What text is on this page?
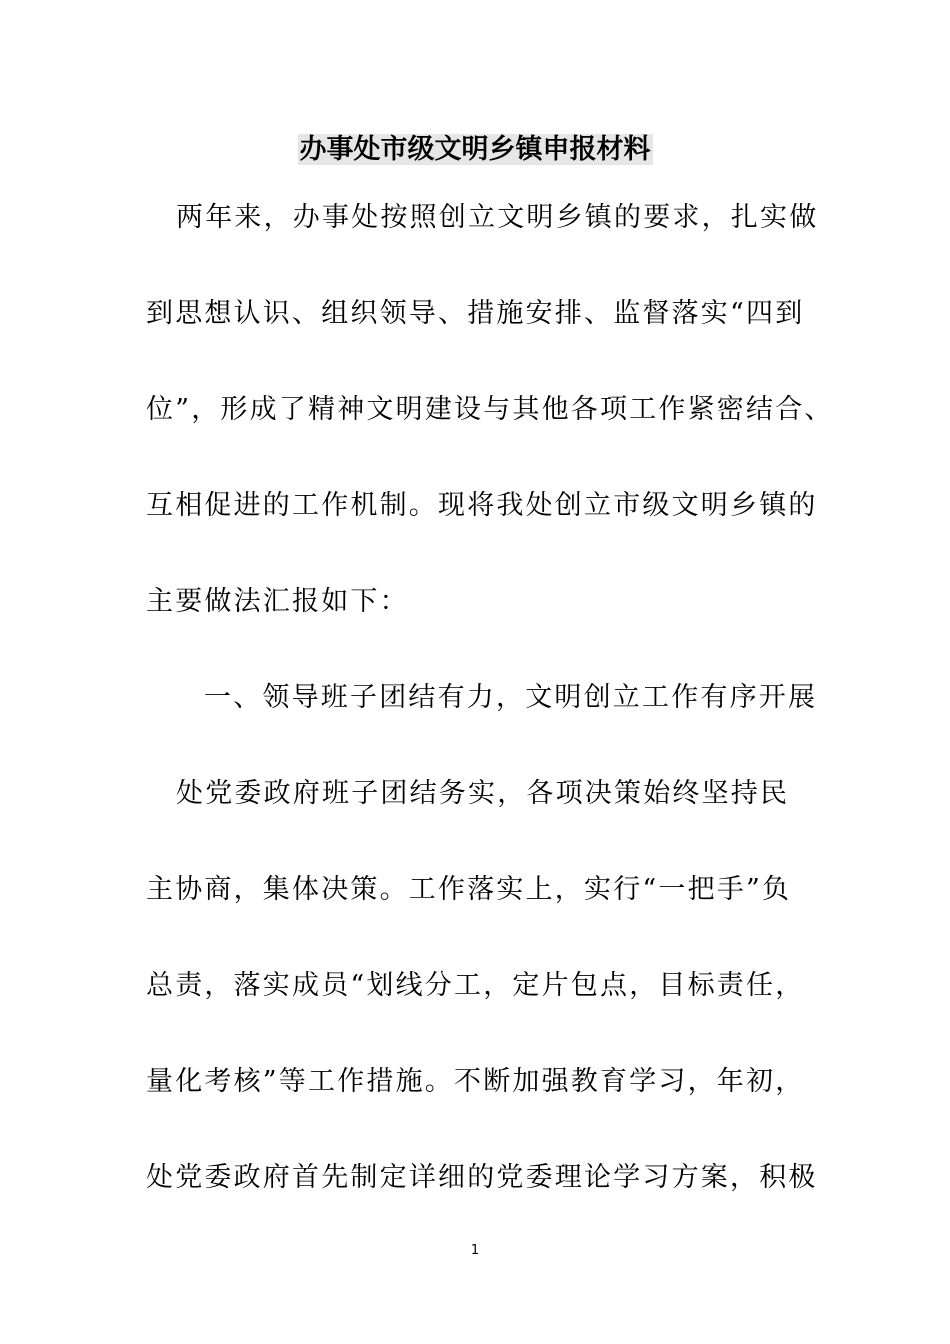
办事处市级文明乡镇申报材料
两年来，办事处按照创立文明乡镇的要求，扎实做
到思想认识、组织领导、措施安排、监督落实“四到
位”，形成了精神文明建设与其他各项工作紧密结合、
互相促进的工作机制。现将我处创立市级文明乡镇的
主要做法汇报如下：
一、领导班子团结有力，文明创立工作有序开展
处党委政府班子团结务实，各项决策始终坚持民
主协商，集体决策。工作落实上，实行“一把手”负
总责，落实成员“划线分工，定片包点，目标责任，
量化考核”等工作措施。不断加强教育学习，年初，
处党委政府首先制定详细的党委理论学习方案，积极
1
